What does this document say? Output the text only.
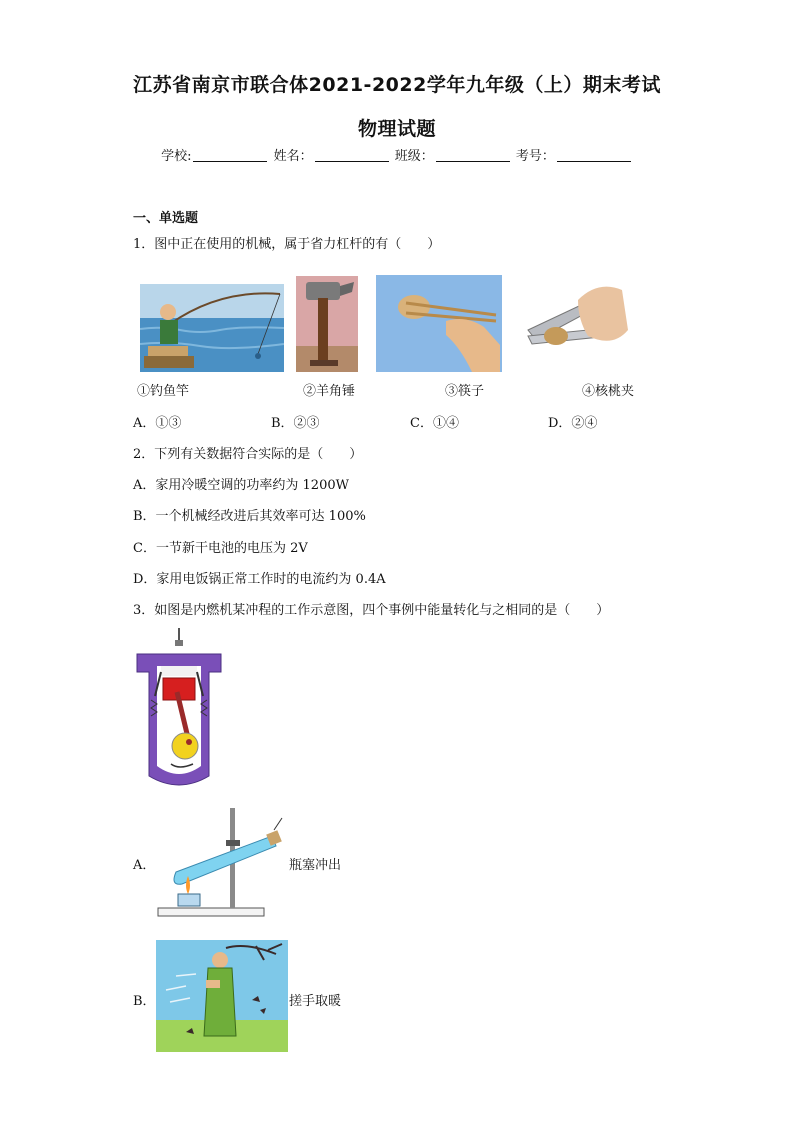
江苏省南京市联合体2021-2022学年九年级（上）期末考试
物理试题
学校:	姓名：	班级：	考号：
一、单选题
1．图中正在使用的机械，属于省力杠杆的有（　　）
①钓鱼竿	②羊角锤	③筷子	④核桃夹
A．①③	B．②③	C．①④	D．②④
2．下列有关数据符合实际的是（　　）
A．家用冷暖空调的功率约为 1200W
B．一个机械经改进后其效率可达 100%
C．一节新干电池的电压为 2V
D．家用电饭锅正常工作时的电流约为 0.4A
3．如图是内燃机某冲程的工作示意图，四个事例中能量转化与之相同的是（　　）
A．	瓶塞冲出
B．	搓手取暖
